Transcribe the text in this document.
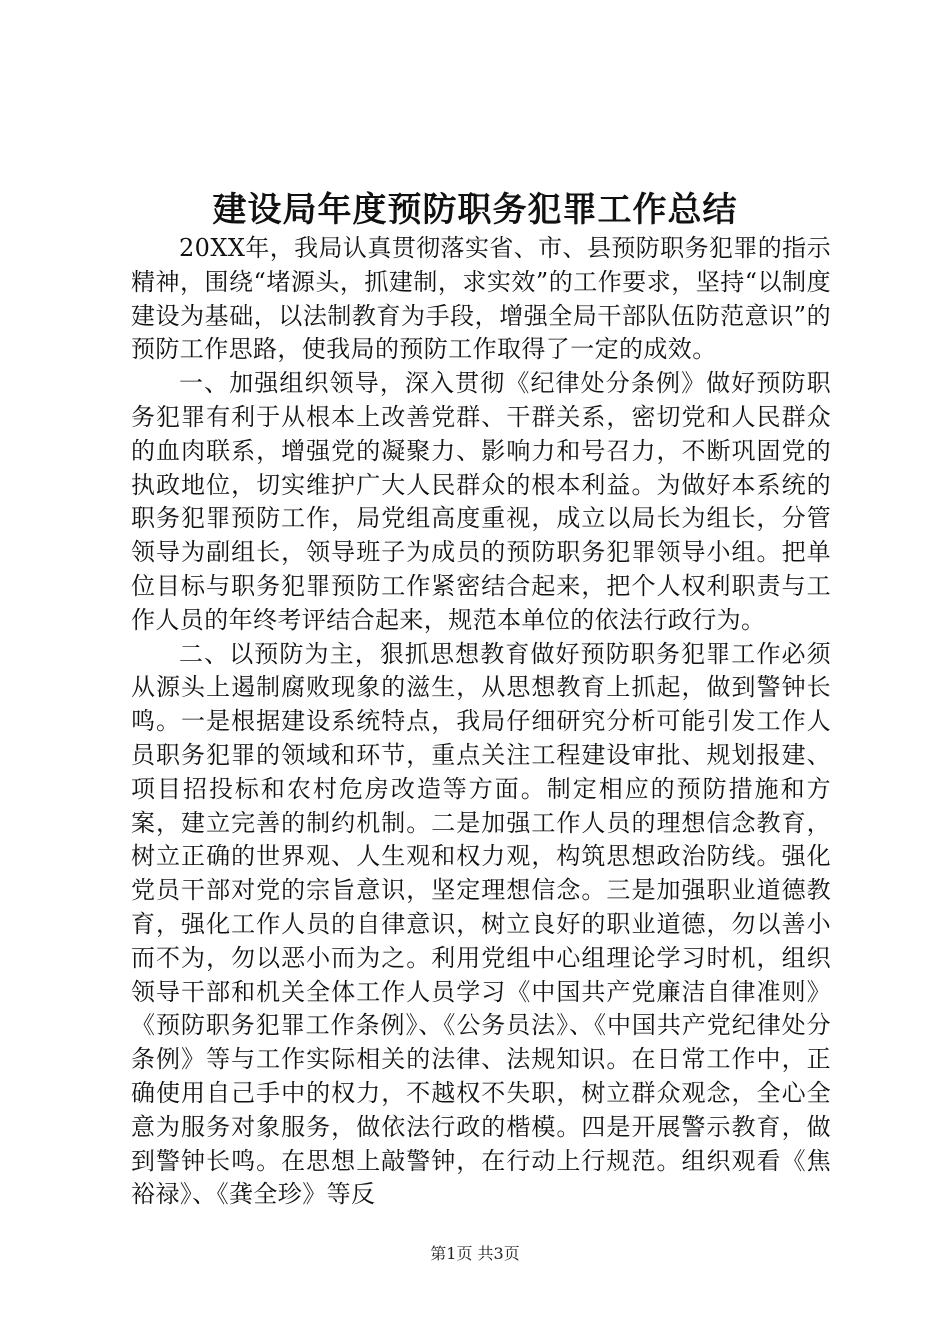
建设局年度预防职务犯罪工作总结

20XX年，我局认真贯彻落实省、市、县预防职务犯罪的指示精神，围绕“堵源头，抓建制，求实效”的工作要求，坚持“以制度建设为基础，以法制教育为手段，增强全局干部队伍防范意识”的预防工作思路，使我局的预防工作取得了一定的成效。

一、加强组织领导，深入贯彻《纪律处分条例》做好预防职务犯罪有利于从根本上改善党群、干群关系，密切党和人民群众的血肉联系，增强党的凝聚力、影响力和号召力，不断巩固党的执政地位，切实维护广大人民群众的根本利益。为做好本系统的职务犯罪预防工作，局党组高度重视，成立以局长为组长，分管领导为副组长，领导班子为成员的预防职务犯罪领导小组。把单位目标与职务犯罪预防工作紧密结合起来，把个人权利职责与工作人员的年终考评结合起来，规范本单位的依法行政行为。

二、以预防为主，狠抓思想教育做好预防职务犯罪工作必须从源头上遏制腐败现象的滋生，从思想教育上抓起，做到警钟长鸣。一是根据建设系统特点，我局仔细研究分析可能引发工作人员职务犯罪的领域和环节，重点关注工程建设审批、规划报建、项目招投标和农村危房改造等方面。制定相应的预防措施和方案，建立完善的制约机制。二是加强工作人员的理想信念教育，树立正确的世界观、人生观和权力观，构筑思想政治防线。强化党员干部对党的宗旨意识，坚定理想信念。三是加强职业道德教育，强化工作人员的自律意识，树立良好的职业道德，勿以善小而不为，勿以恶小而为之。利用党组中心组理论学习时机，组织领导干部和机关全体工作人员学习《中国共产党廉洁自律准则》《预防职务犯罪工作条例》、《公务员法》、《中国共产党纪律处分条例》等与工作实际相关的法律、法规知识。在日常工作中，正确使用自己手中的权力，不越权不失职，树立群众观念，全心全意为服务对象服务，做依法行政的楷模。四是开展警示教育，做到警钟长鸣。在思想上敲警钟，在行动上行规范。组织观看《焦裕禄》、《龚全珍》等反

第1页 共3页
